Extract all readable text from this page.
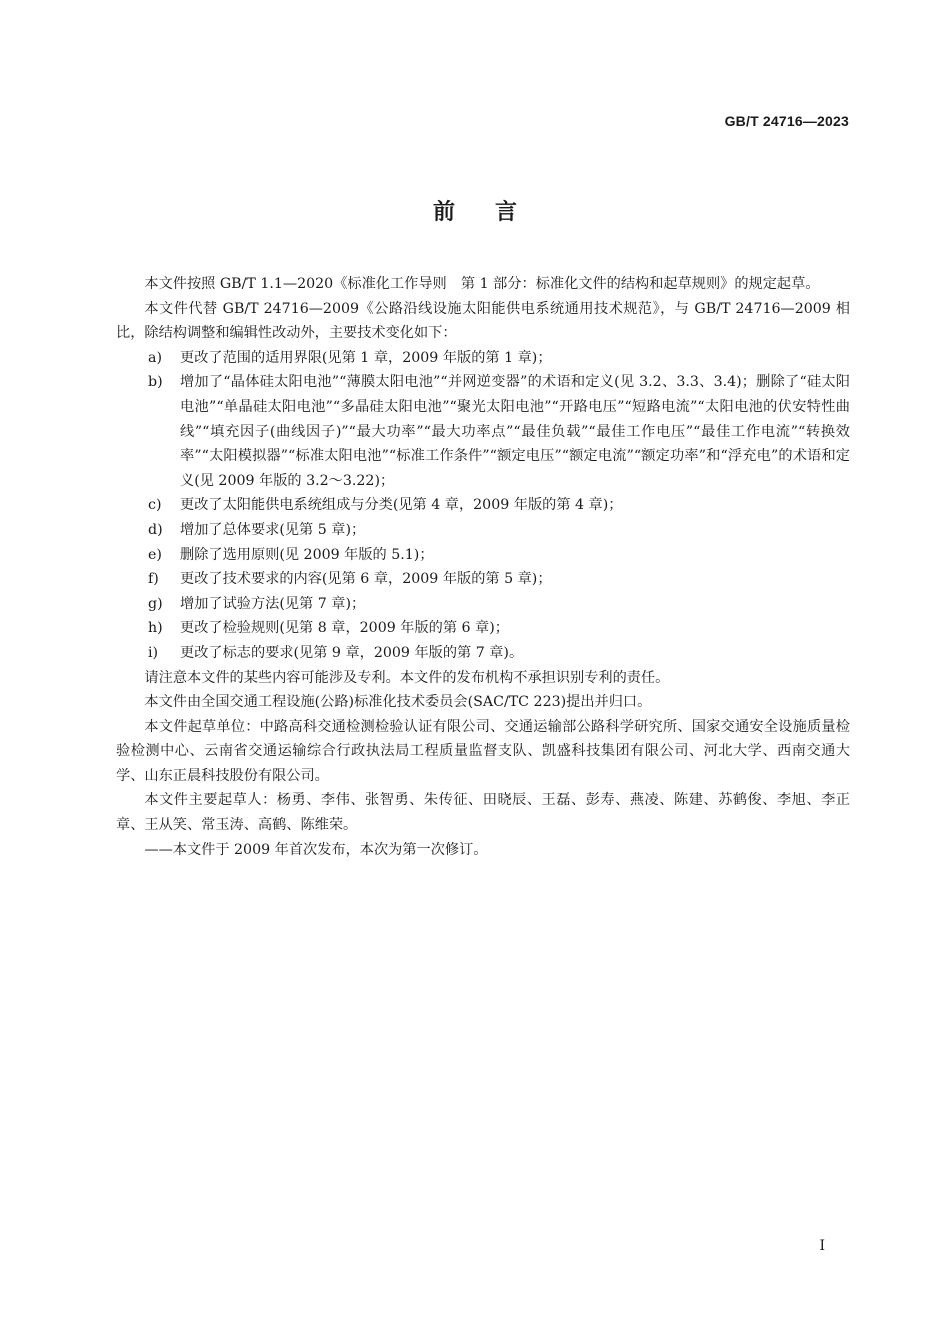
GB/T 24716—2023
前言

本文件按照 GB/T 1.1—2020《标准化工作导则　第 1 部分：标准化文件的结构和起草规则》的规定起草。

本文件代替 GB/T 24716—2009《公路沿线设施太阳能供电系统通用技术规范》，与 GB/T 24716—2009 相比，除结构调整和编辑性改动外，主要技术变化如下：

a) 更改了范围的适用界限(见第 1 章，2009 年版的第 1 章)；

b) 增加了“晶体硅太阳电池”“薄膜太阳电池”“并网逆变器”的术语和定义(见 3.2、3.3、3.4)；删除了“硅太阳电池”“单晶硅太阳电池”“多晶硅太阳电池”“聚光太阳电池”“开路电压”“短路电流”“太阳电池的伏安特性曲线”“填充因子(曲线因子)”“最大功率”“最大功率点”“最佳负载”“最佳工作电压”“最佳工作电流”“转换效率”“太阳模拟器”“标准太阳电池”“标准工作条件”“额定电压”“额定电流”“额定功率”和“浮充电”的术语和定义(见 2009 年版的 3.2～3.22)；

c) 更改了太阳能供电系统组成与分类(见第 4 章，2009 年版的第 4 章)；

d) 增加了总体要求(见第 5 章)；

e) 删除了选用原则(见 2009 年版的 5.1)；

f) 更改了技术要求的内容(见第 6 章，2009 年版的第 5 章)；

g) 增加了试验方法(见第 7 章)；

h) 更改了检验规则(见第 8 章，2009 年版的第 6 章)；

i) 更改了标志的要求(见第 9 章，2009 年版的第 7 章)。

请注意本文件的某些内容可能涉及专利。本文件的发布机构不承担识别专利的责任。

本文件由全国交通工程设施(公路)标准化技术委员会(SAC/TC 223)提出并归口。

本文件起草单位：中路高科交通检测检验认证有限公司、交通运输部公路科学研究所、国家交通安全设施质量检验检测中心、云南省交通运输综合行政执法局工程质量监督支队、凯盛科技集团有限公司、河北大学、西南交通大学、山东正晨科技股份有限公司。

本文件主要起草人：杨勇、李伟、张智勇、朱传征、田晓辰、王磊、彭寿、燕凌、陈建、苏鹤俊、李旭、李正章、王从笑、常玉涛、高鹤、陈维荣。

——本文件于 2009 年首次发布，本次为第一次修订。

I
